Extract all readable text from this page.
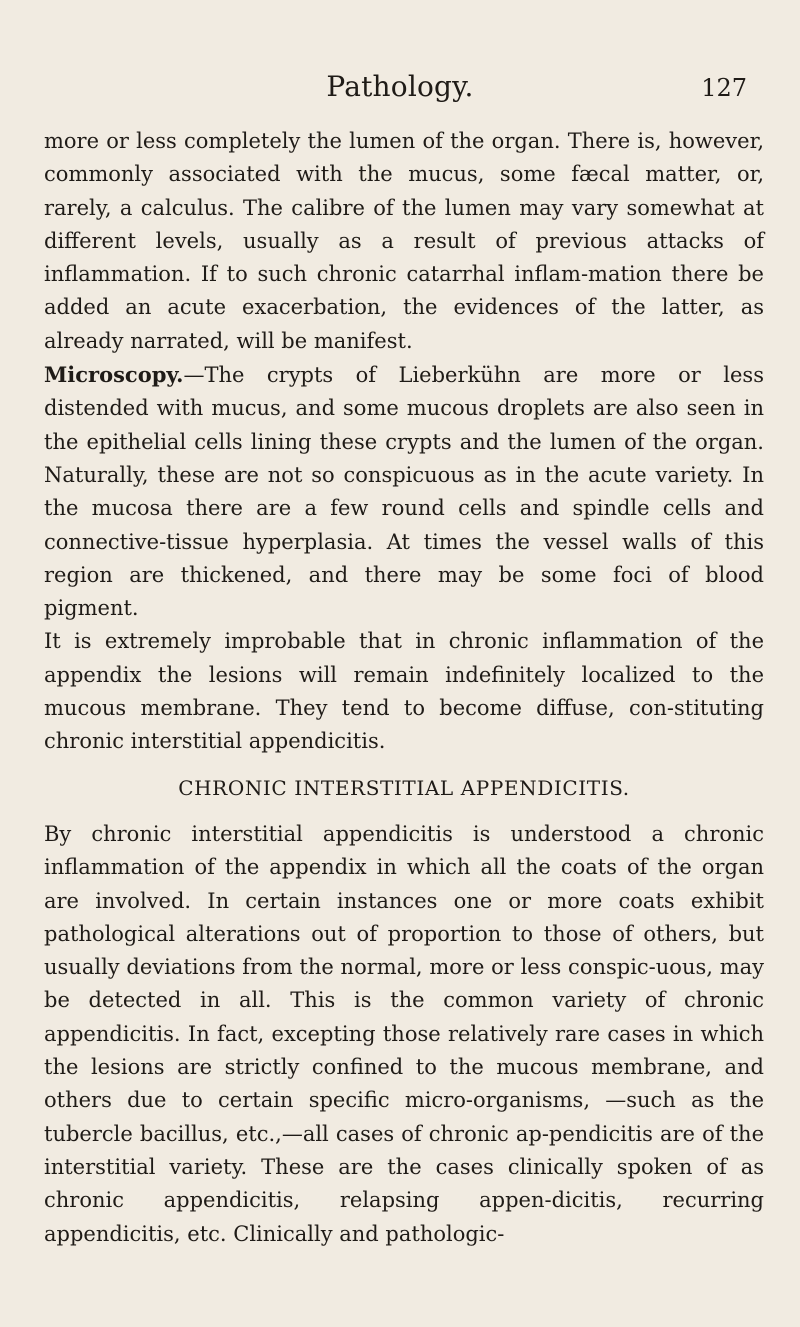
Pathology.	127

more or less completely the lumen of the organ. There is, however, commonly associated with the mucus, some fæcal matter, or, rarely, a calculus. The calibre of the lumen may vary somewhat at different levels, usually as a result of previous attacks of inflammation. If to such chronic catarrhal inflam-mation there be added an acute exacerbation, the evidences of the latter, as already narrated, will be manifest.

Microscopy.—The crypts of Lieberkühn are more or less distended with mucus, and some mucous droplets are also seen in the epithelial cells lining these crypts and the lumen of the organ. Naturally, these are not so conspicuous as in the acute variety. In the mucosa there are a few round cells and spindle cells and connective-tissue hyperplasia. At times the vessel walls of this region are thickened, and there may be some foci of blood pigment.

It is extremely improbable that in chronic inflammation of the appendix the lesions will remain indefinitely localized to the mucous membrane. They tend to become diffuse, con-stituting chronic interstitial appendicitis.

CHRONIC INTERSTITIAL APPENDICITIS.

By chronic interstitial appendicitis is understood a chronic inflammation of the appendix in which all the coats of the organ are involved. In certain instances one or more coats exhibit pathological alterations out of proportion to those of others, but usually deviations from the normal, more or less conspic-uous, may be detected in all. This is the common variety of chronic appendicitis. In fact, excepting those relatively rare cases in which the lesions are strictly confined to the mucous membrane, and others due to certain specific micro-organisms, —such as the tubercle bacillus, etc.,—all cases of chronic ap-pendicitis are of the interstitial variety. These are the cases clinically spoken of as chronic appendicitis, relapsing appen-dicitis, recurring appendicitis, etc. Clinically and pathologic-
